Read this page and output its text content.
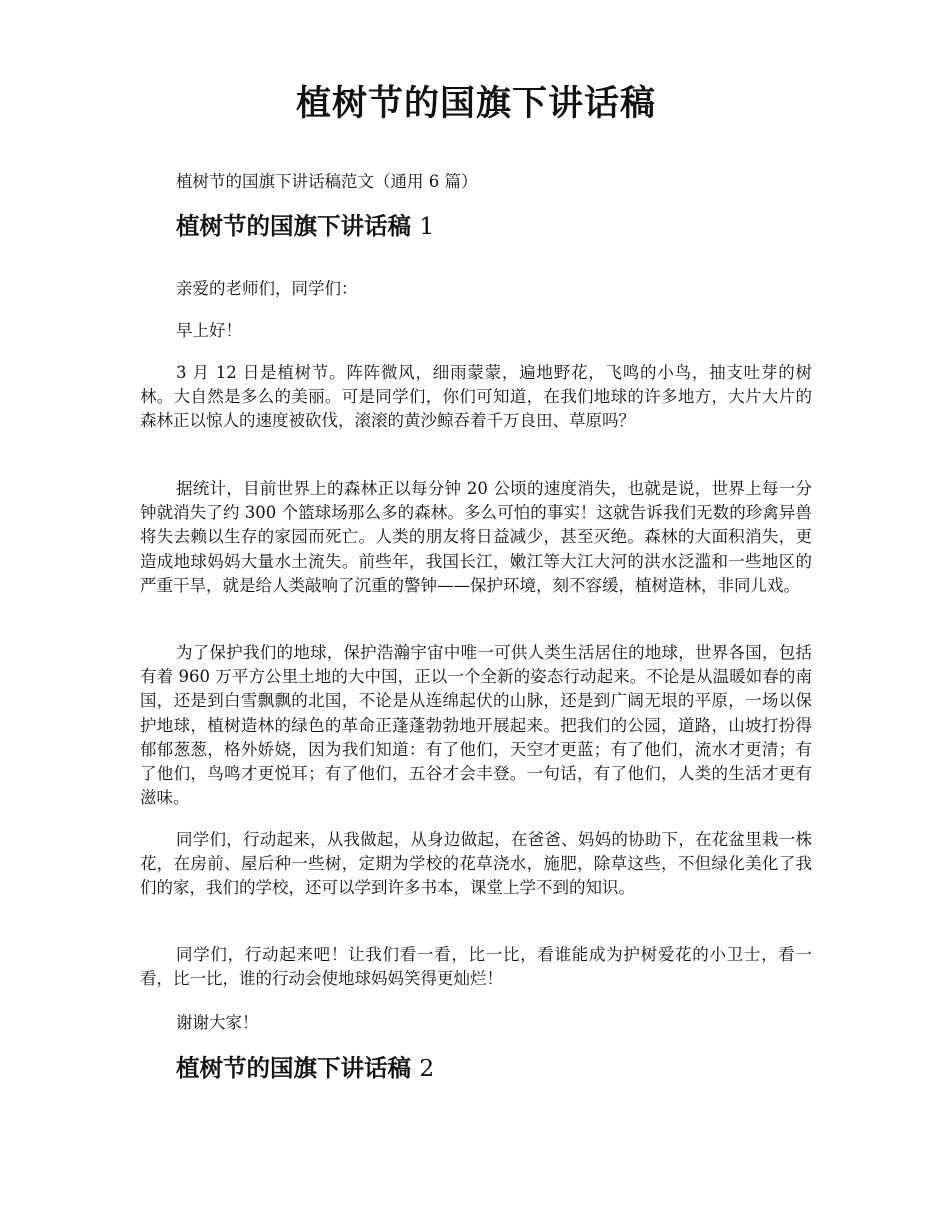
植树节的国旗下讲话稿

植树节的国旗下讲话稿范文（通用 6 篇）

植树节的国旗下讲话稿 1

亲爱的老师们，同学们：

早上好！

3 月 12 日是植树节。阵阵微风，细雨蒙蒙，遍地野花，飞鸣的小鸟，抽支吐芽的树林。大自然是多么的美丽。可是同学们，你们可知道，在我们地球的许多地方，大片大片的森林正以惊人的速度被砍伐，滚滚的黄沙鲸吞着千万良田、草原吗？

据统计，目前世界上的森林正以每分钟 20 公顷的速度消失，也就是说，世界上每一分钟就消失了约 300 个篮球场那么多的森林。多么可怕的事实！这就告诉我们无数的珍禽异兽将失去赖以生存的家园而死亡。人类的朋友将日益减少，甚至灭绝。森林的大面积消失，更造成地球妈妈大量水土流失。前些年，我国长江，嫩江等大江大河的洪水泛滥和一些地区的严重干旱，就是给人类敲响了沉重的警钟——保护环境，刻不容缓，植树造林，非同儿戏。

为了保护我们的地球，保护浩瀚宇宙中唯一可供人类生活居住的地球，世界各国，包括有着 960 万平方公里土地的大中国，正以一个全新的姿态行动起来。不论是从温暖如春的南国，还是到白雪飘飘的北国，不论是从连绵起伏的山脉，还是到广阔无垠的平原，一场以保护地球，植树造林的绿色的革命正蓬蓬勃勃地开展起来。把我们的公园，道路，山坡打扮得郁郁葱葱，格外娇娆，因为我们知道：有了他们，天空才更蓝；有了他们，流水才更清；有了他们，鸟鸣才更悦耳；有了他们，五谷才会丰登。一句话，有了他们，人类的生活才更有滋味。

同学们，行动起来，从我做起，从身边做起，在爸爸、妈妈的协助下，在花盆里栽一株花，在房前、屋后种一些树，定期为学校的花草浇水，施肥，除草这些，不但绿化美化了我们的家，我们的学校，还可以学到许多书本，课堂上学不到的知识。

同学们，行动起来吧！让我们看一看，比一比，看谁能成为护树爱花的小卫士，看一看，比一比，谁的行动会使地球妈妈笑得更灿烂！

谢谢大家！

植树节的国旗下讲话稿 2
